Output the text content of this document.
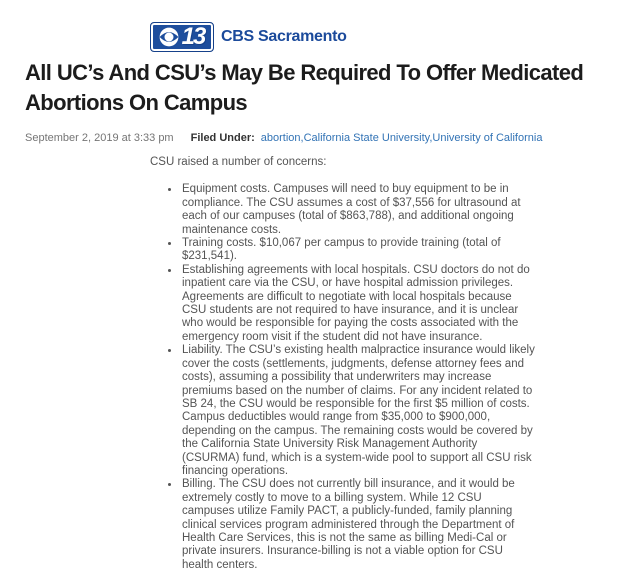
13 CBS Sacramento
All UC’s And CSU’s May Be Required To Offer Medicated Abortions On Campus
September 2, 2019 at 3:33 pm Filed Under: abortion , California State University , University of California

CSU raised a number of concerns:

• Equipment costs. Campuses will need to buy equipment to be in compliance. The CSU assumes a cost of $37,556 for ultrasound at each of our campuses (total of $863,788), and additional ongoing maintenance costs.
• Training costs. $10,067 per campus to provide training (total of $231,541).
• Establishing agreements with local hospitals. CSU doctors do not do inpatient care via the CSU, or have hospital admission privileges. Agreements are difficult to negotiate with local hospitals because CSU students are not required to have insurance, and it is unclear who would be responsible for paying the costs associated with the emergency room visit if the student did not have insurance.
• Liability. The CSU’s existing health malpractice insurance would likely cover the costs (settlements, judgments, defense attorney fees and costs), assuming a possibility that underwriters may increase premiums based on the number of claims. For any incident related to SB 24, the CSU would be responsible for the first $5 million of costs. Campus deductibles would range from $35,000 to $900,000, depending on the campus. The remaining costs would be covered by the California State University Risk Management Authority (CSURMA) fund, which is a system-wide pool to support all CSU risk financing operations.
• Billing. The CSU does not currently bill insurance, and it would be extremely costly to move to a billing system. While 12 CSU campuses utilize Family PACT, a publicly-funded, family planning clinical services program administered through the Department of Health Care Services, this is not the same as billing Medi-Cal or private insurers. Insurance-billing is not a viable option for CSU health centers.
